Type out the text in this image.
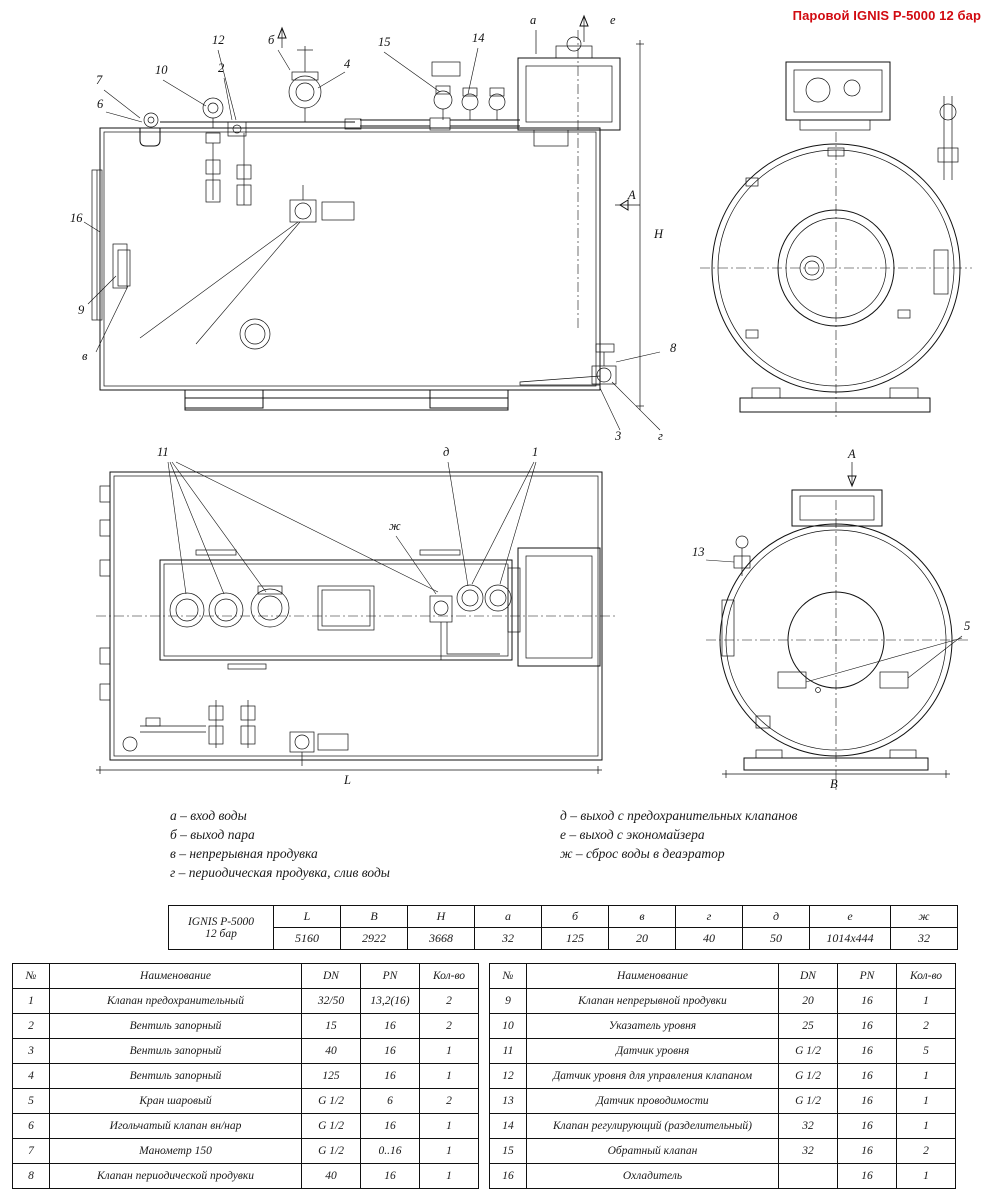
Паровой IGNIS P-5000 12 бар
H
А
7
6
10	2
12
4
15	14
16
9
в
8
3	г
б
а	е
L
11	д	1
ж
B
А
13
5
а – вход воды
б – выход пара
в – непрерывная продувка
г – периодическая продувка, слив воды
д – выход с предохранительных клапанов
е – выход с экономайзера
ж – сброс воды в деаэратор
IGNIS P-5000
12 бар	L	B	H	а	б	в	г	д	е	ж
	5160	2922	3668	32	125	20	40	50	1014х444	32
№	Наименование	DN	PN	Кол-во
1	Клапан предохранительный	32/50	13,2(16)	2
2	Вентиль запорный	15	16	2
3	Вентиль запорный	40	16	1
4	Вентиль запорный	125	16	1
5	Кран шаровый	G 1/2	6	2
6	Игольчатый клапан вн/нар	G 1/2	16	1
7	Манометр 150	G 1/2	0..16	1
8	Клапан периодической продувки	40	16	1
№	Наименование	DN	PN	Кол-во
9	Клапан непрерывной продувки	20	16	1
10	Указатель уровня	25	16	2
11	Датчик уровня	G 1/2	16	5
12	Датчик уровня для управления клапаном	G 1/2	16	1
13	Датчик проводимости	G 1/2	16	1
14	Клапан регулирующий (разделительный)	32	16	1
15	Обратный клапан	32	16	2
16	Охладитель		16	1
